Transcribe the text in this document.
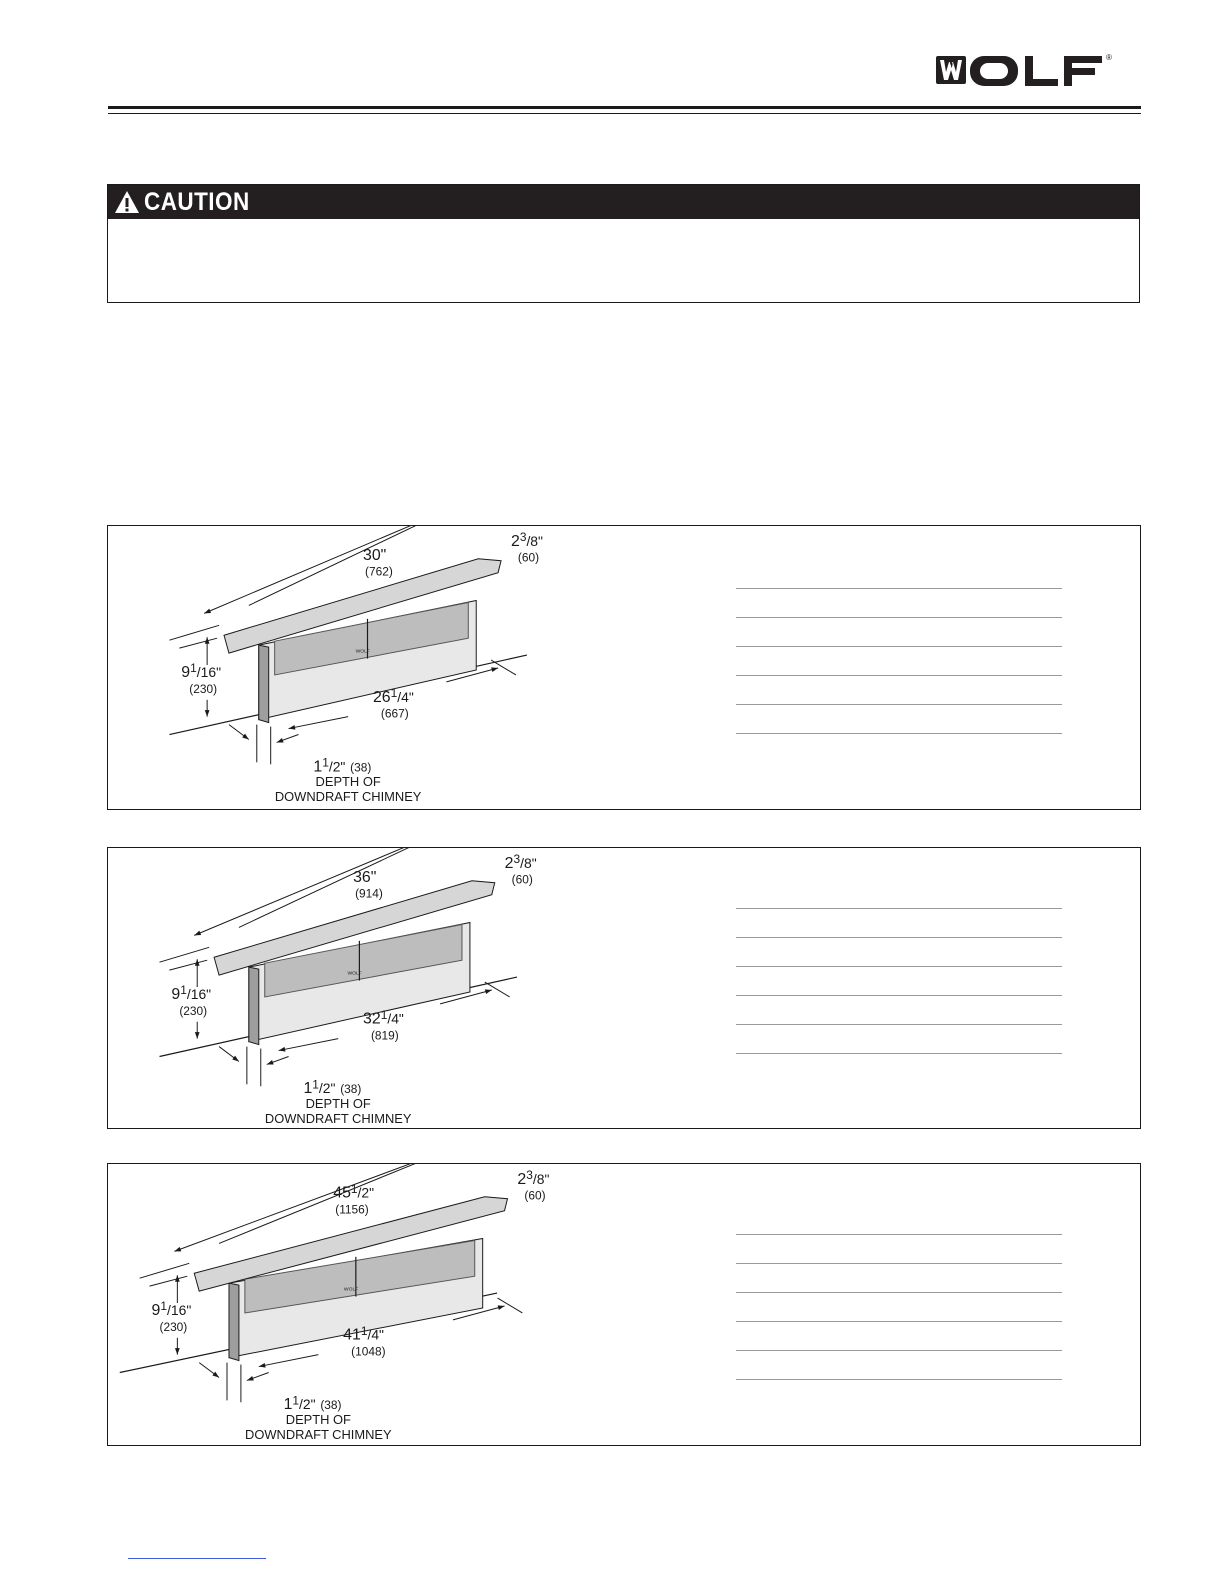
®
CAUTION
WOLF
30"
(762)
$2^3/8$"
(60)
$9^1/16$"
(230)	$26^1/4$"
(667)
$1^1/2$" (38)
DEPTH OF
DOWNDRAFT CHIMNEY
WOLF
36"
(914)
$2^3/8$"
(60)
$9^1/16$"
(230)	$32^1/4$"
(819)
$1^1/2$" (38)
DEPTH OF
DOWNDRAFT CHIMNEY
WOLF
$45^1/2$"
(1156)
$2^3/8$"
(60)
$9^1/16$"
(230)	$41^1/4$"
(1048)
$1^1/2$" (38)
DEPTH OF
DOWNDRAFT CHIMNEY
